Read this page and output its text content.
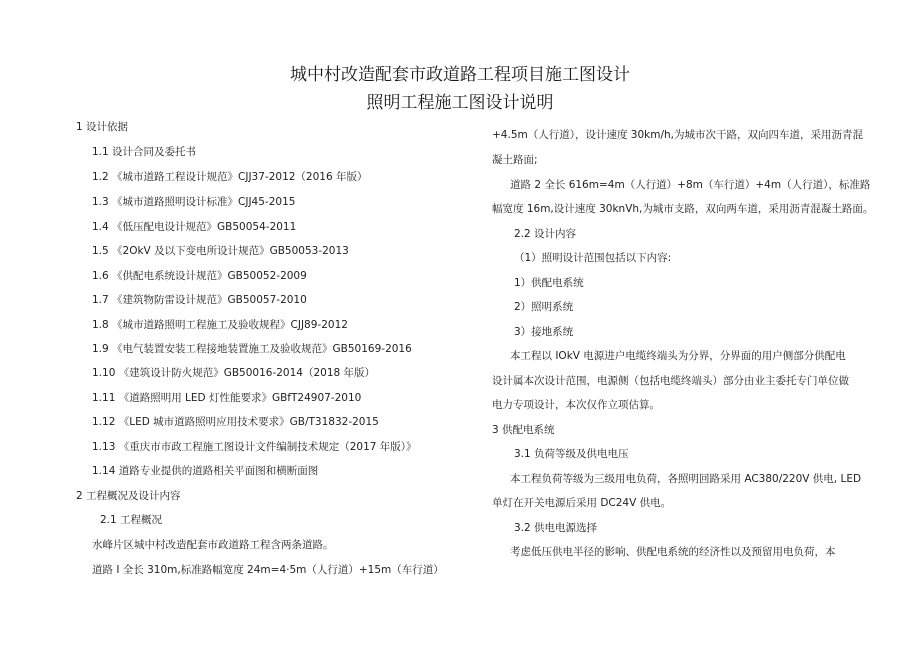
城中村改造配套市政道路工程项目施工图设计
照明工程施工图设计说明
1 设计依据
1.1 设计合同及委托书
1.2 《城市道路工程设计规范》CJJ37-2012（2016 年版）
1.3 《城市道路照明设计标准》CJJ45-2015
1.4 《低压配电设计规范》GB50054-2011
1.5 《2OkV 及以下变电所设计规范》GB50053-2013
1.6 《供配电系统设计规范》GB50052-2009
1.7 《建筑物防雷设计规范》GB50057-2010
1.8 《城市道路照明工程施工及验收规程》CJJ89-2012
1.9 《电气装置安装工程接地装置施工及验收规范》GB50169-2016
1.10 《建筑设计防火规范》GB50016-2014（2018 年版）
1.11 《道路照明用 LED 灯性能要求》GBfT24907-2010
1.12 《LED 城市道路照明应用技术要求》GB/T31832-2015
1.13 《重庆市市政工程施工图设计文件编制技术规定（2017 年版）》
1.14 道路专业提供的道路相关平面图和横断面图
2 工程概况及设计内容
2.1 工程概况
水峰片区城中村改造配套市政道路工程含两条道路。
道路 I 全长 310m,标准路幅宽度 24m=4·5m（人行道）+15m（车行道）
+4.5m（人行道），设计速度 30km/h,为城市次干路，双向四车道，采用沥青混
凝土路面;
道路 2 全长 616m=4m（人行道）+8m（车行道）+4m（人行道），标准路
幅宽度 16m,设计速度 30knVh,为城市支路，双向两车道，采用沥青混凝土路面。
2.2 设计内容
（1）照明设计范围包括以下内容:
1）供配电系统
2）照明系统
3）接地系统
本工程以 IOkV 电源进户电缆终端头为分界，分界面的用户侧部分供配电
设计属本次设计范围，电源侧（包括电缆终端头）部分由业主委托专门单位做
电力专项设计，本次仅作立项估算。
3 供配电系统
3.1 负荷等级及供电电压
本工程负荷等级为三级用电负荷，各照明回路采用 AC380/220V 供电, LED
单灯在开关电源后采用 DC24V 供电。
3.2 供电电源选择
考虑低压供电半径的影响、供配电系统的经济性以及预留用电负荷，本
